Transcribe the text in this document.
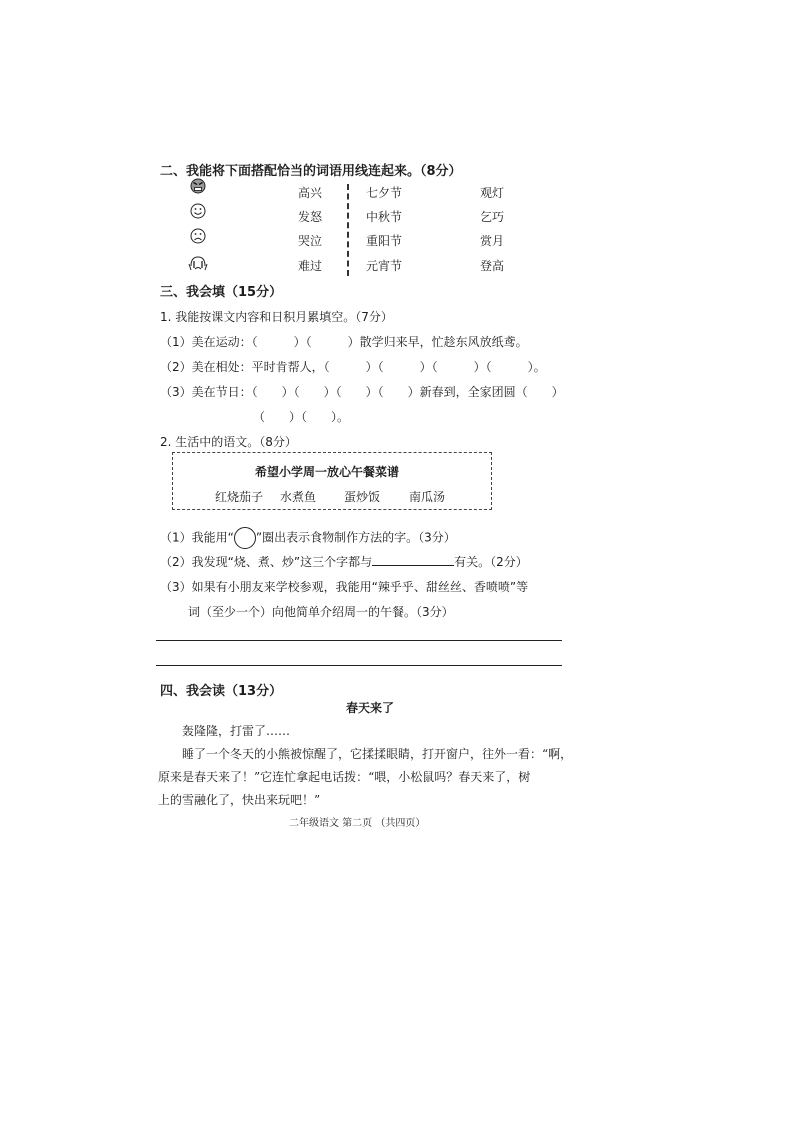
二、我能将下面搭配恰当的词语用线连起来。（8分）
高兴
发怒
哭泣
难过
七夕节
中秋节
重阳节
元宵节
观灯
乞巧
赏月
登高
三、我会填（15分）
1. 我能按课文内容和日积月累填空。（7分）
（1）美在运动：（　　　）（　　　）散学归来早，忙趁东风放纸鸢。
（2）美在相处：平时肯帮人，（　　　）（　　　）（　　　）（　　　）。
（3）美在节日：（　　）（　　）（　　）（　　）新春到，全家团圆（　　）
（　　）（　　）。
2. 生活中的语文。（8分）
希望小学周一放心午餐菜谱
红烧茄子 水煮鱼 蛋炒饭 南瓜汤
（1）我能用“ ”圈出表示食物制作方法的字。（3分）
（2）我发现“烧、煮、炒”这三个字都与	有关。（2分）
（3）如果有小朋友来学校参观，我能用“辣乎乎、甜丝丝、香喷喷”等
词（至少一个）向他简单介绍周一的午餐。（3分）
四、我会读（13分）
春天来了
轰隆隆，打雷了……
睡了一个冬天的小熊被惊醒了，它揉揉眼睛，打开窗户，往外一看：“啊，
原来是春天来了！”它连忙拿起电话拨：“喂，小松鼠吗？春天来了，树
上的雪融化了，快出来玩吧！”
二年级语文 第二页 （共四页）
